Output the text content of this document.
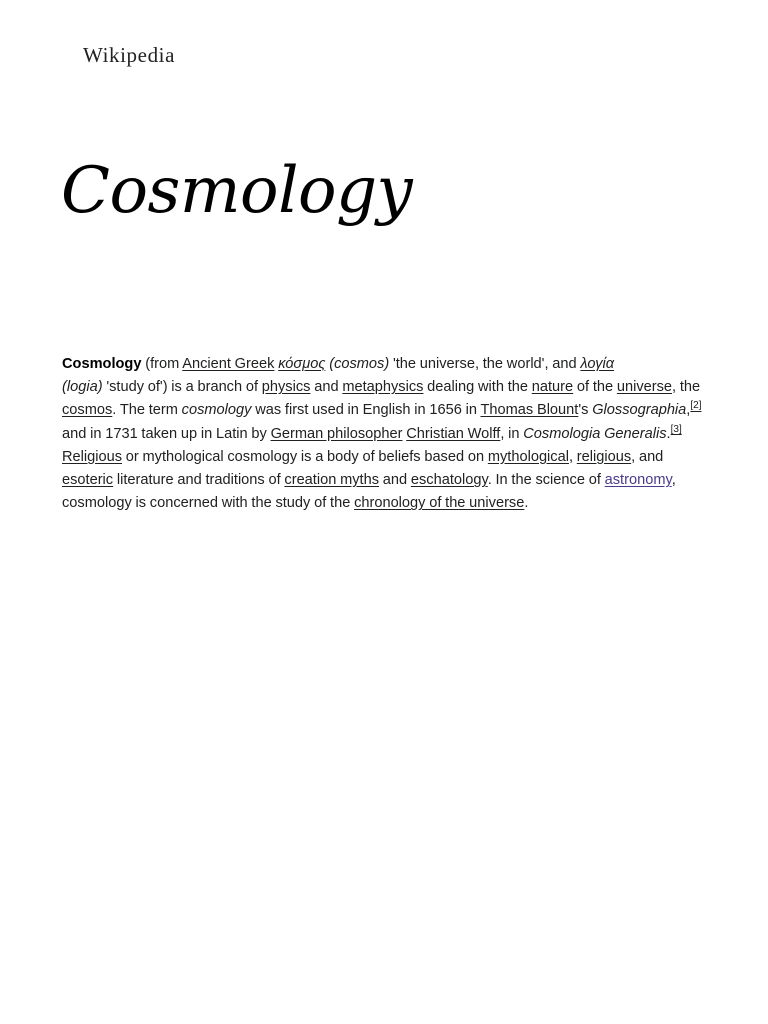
Wikipedia
Cosmology

Cosmology (from Ancient Greek κόσμος (cosmos) 'the universe, the world', and λογία
(logia) 'study of') is a branch of physics and metaphysics dealing with the nature of the universe, the cosmos. The term cosmology was first used in English in 1656 in Thomas Blount's Glossographia,[2] and in 1731 taken up in Latin by German philosopher Christian Wolff, in Cosmologia Generalis.[3] Religious or mythological cosmology is a body of beliefs based on mythological, religious, and esoteric literature and traditions of creation myths and eschatology. In the science of astronomy, cosmology is concerned with the study of the chronology of the universe.
